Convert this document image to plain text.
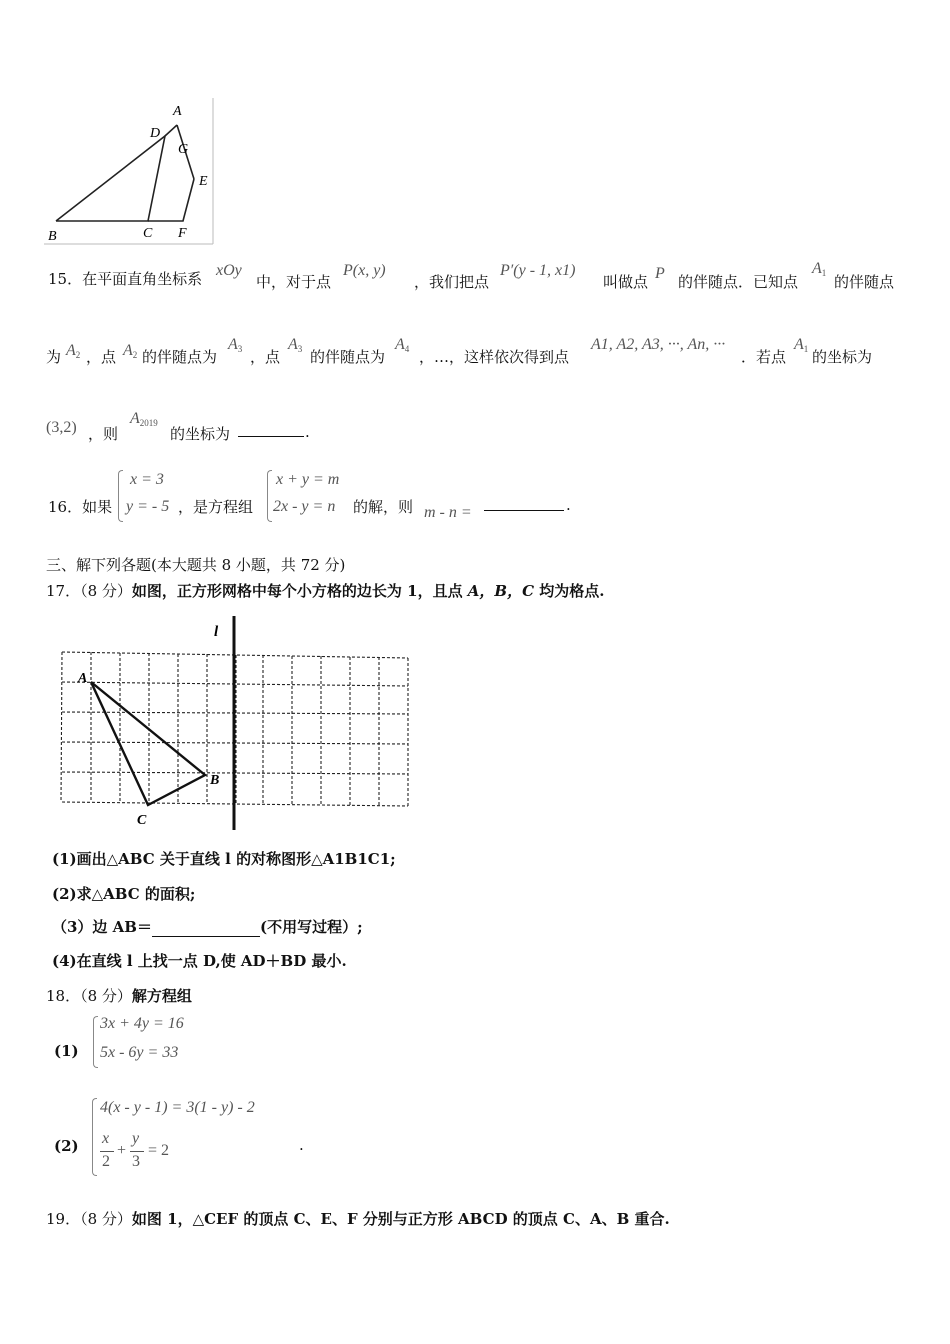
A
D
G
E
B	C F
15．在平面直角坐标系 xOy
中，对于点
P(x, y)
，我们把点
P′(y - 1, x1)
叫做点 P 的伴随点．已知点
$A_1$ 的伴随点
为 $A_2$ ，点 $A_2$ 的伴随点为
$A_3$ ，点
$A_3$ 的伴随点为
$A_4$ ，…，这样依次得到点
A1, A2, A3, ···, An, ···
．若点
$A_1$ 的坐标为
(3,2) ，则
$A_{2019}$
的坐标为	.
16．如果
x = 3
y = - 5 ，是方程组
x + y = m
2x - y = n 的解，则 m - n =	.
三、解下列各题(本大题共 8 小题，共 72 分)
17．（8 分）如图，正方形网格中每个小方格的边长为 1，且点 A，B，C 均为格点.
l
A
B
C
(1)画出△ABC 关于直线 l 的对称图形△A1B1C1;
(2)求△ABC 的面积;
（3）边 AB＝	(不用写过程）;
(4)在直线 l 上找一点 D,使 AD＋BD 最小.
18．（8 分）解方程组
(1)
3x + 4y = 16
5x - 6y = 33
(2)
4(x - y - 1) = 3(1 - y) - 2
x
2
+
y
3
= 2	.
19．（8 分）如图 1，△CEF 的顶点 C、E、F 分别与正方形 ABCD 的顶点 C、A、B 重合.
